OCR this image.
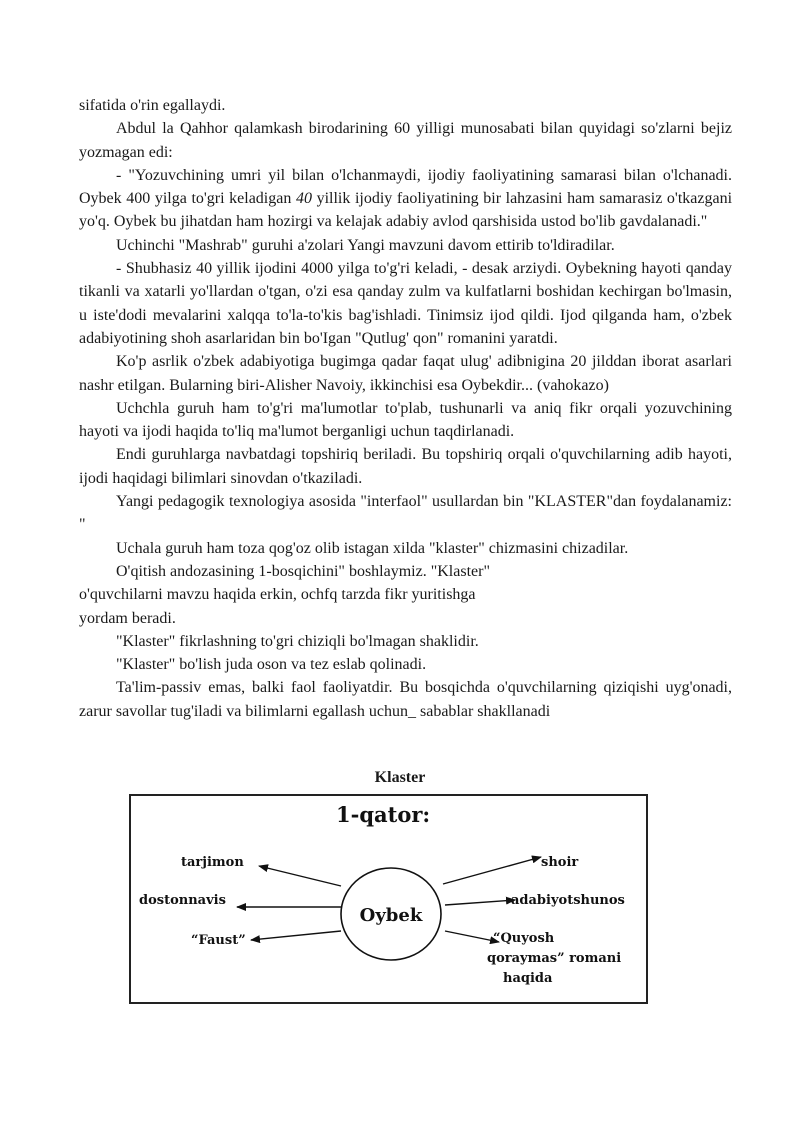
sifatida o'rin egallaydi.

Abdul la Qahhor qalamkash birodarining 60 yilligi munosabati bilan quyidagi so'zlarni bejiz yozmagan edi:

- "Yozuvchining umri yil bilan o'lchanmaydi, ijodiy faoliyatining samarasi bilan o'lchanadi. Oybek 400 yilga to'gri keladigan 40 yillik ijodiy faoliyatining bir lahzasini ham samarasiz o'tkazgani yo'q. Oybek bu jihatdan ham hozirgi va kelajak adabiy avlod qarshisida ustod bo'lib gavdalanadi."

Uchinchi "Mashrab" guruhi a'zolari Yangi mavzuni davom ettirib to'ldiradilar.

- Shubhasiz 40 yillik ijodini 4000 yilga to'g'ri keladi, - desak arziydi. Oybekning hayoti qanday tikanli va xatarli yo'llardan o'tgan, o'zi esa qanday zulm va kulfatlarni boshidan kechirgan bo'lmasin, u iste'dodi mevalarini xalqqa to'la-to'kis bag'ishladi. Tinimsiz ijod qildi. Ijod qilganda ham, o'zbek adabiyotining shoh asarlaridan bin bo'Igan "Qutlug' qon" romanini yaratdi.

Ko'p asrlik o'zbek adabiyotiga bugimga qadar faqat ulug' adibnigina 20 jilddan iborat asarlari nashr etilgan. Bularning biri-Alisher Navoiy, ikkinchisi esa Oybekdir... (vahokazo)

Uchchla guruh ham to'g'ri ma'lumotlar to'plab, tushunarli va aniq fikr orqali yozuvchining hayoti va ijodi haqida to'liq ma'lumot berganligi uchun taqdirlanadi.

Endi guruhlarga navbatdagi topshiriq beriladi. Bu topshiriq orqali o'quvchilarning adib hayoti, ijodi haqidagi bilimlari sinovdan o'tkaziladi.

Yangi pedagogik texnologiya asosida "interfaol" usullardan bin "KLASTER"dan foydalanamiz: "

Uchala guruh ham toza qog'oz olib istagan xilda "klaster" chizmasini chizadilar.

O'qitish andozasining 1-bosqichini" boshlaymiz. "Klaster"

o'quvchilarni mavzu haqida erkin, ochfq tarzda fikr yuritishga

yordam beradi.

"Klaster" fikrlashning to'gri chiziqli bo'lmagan shaklidir.

"Klaster" bo'lish juda oson va tez eslab qolinadi.

Ta'lim-passiv emas, balki faol faoliyatdir. Bu bosqichda o'quvchilarning qiziqishi uyg'onadi, zarur savollar tug'iladi va bilimlarni egallash uchun_ sabablar shakllanadi

Klaster
1-qator:
Oybek
tarjimon
dostonnavis
“Faust”
shoir
adabiyotshunos
“Quyosh
qoraymas” romani
haqida
